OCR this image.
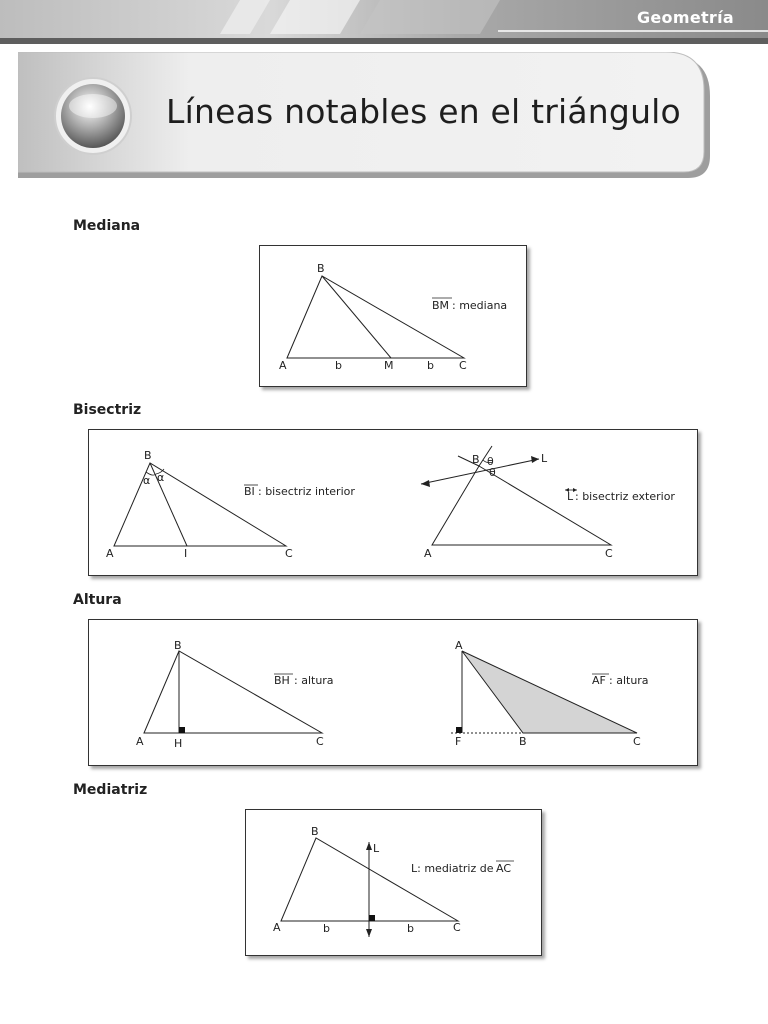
Geometría
Líneas notables en el triángulo
Mediana
B
A	M	C
b	b
BM : mediana
Bisectriz
B
A	I	C
α α
BI : bisectriz interior
B
A	C
L
θ
θ
L : bisectriz exterior
Altura
B
A	H	C
BH : altura
A
F	B	C
AF : altura
Mediatriz
B
A	C
L
b	b
L: mediatriz de AC
